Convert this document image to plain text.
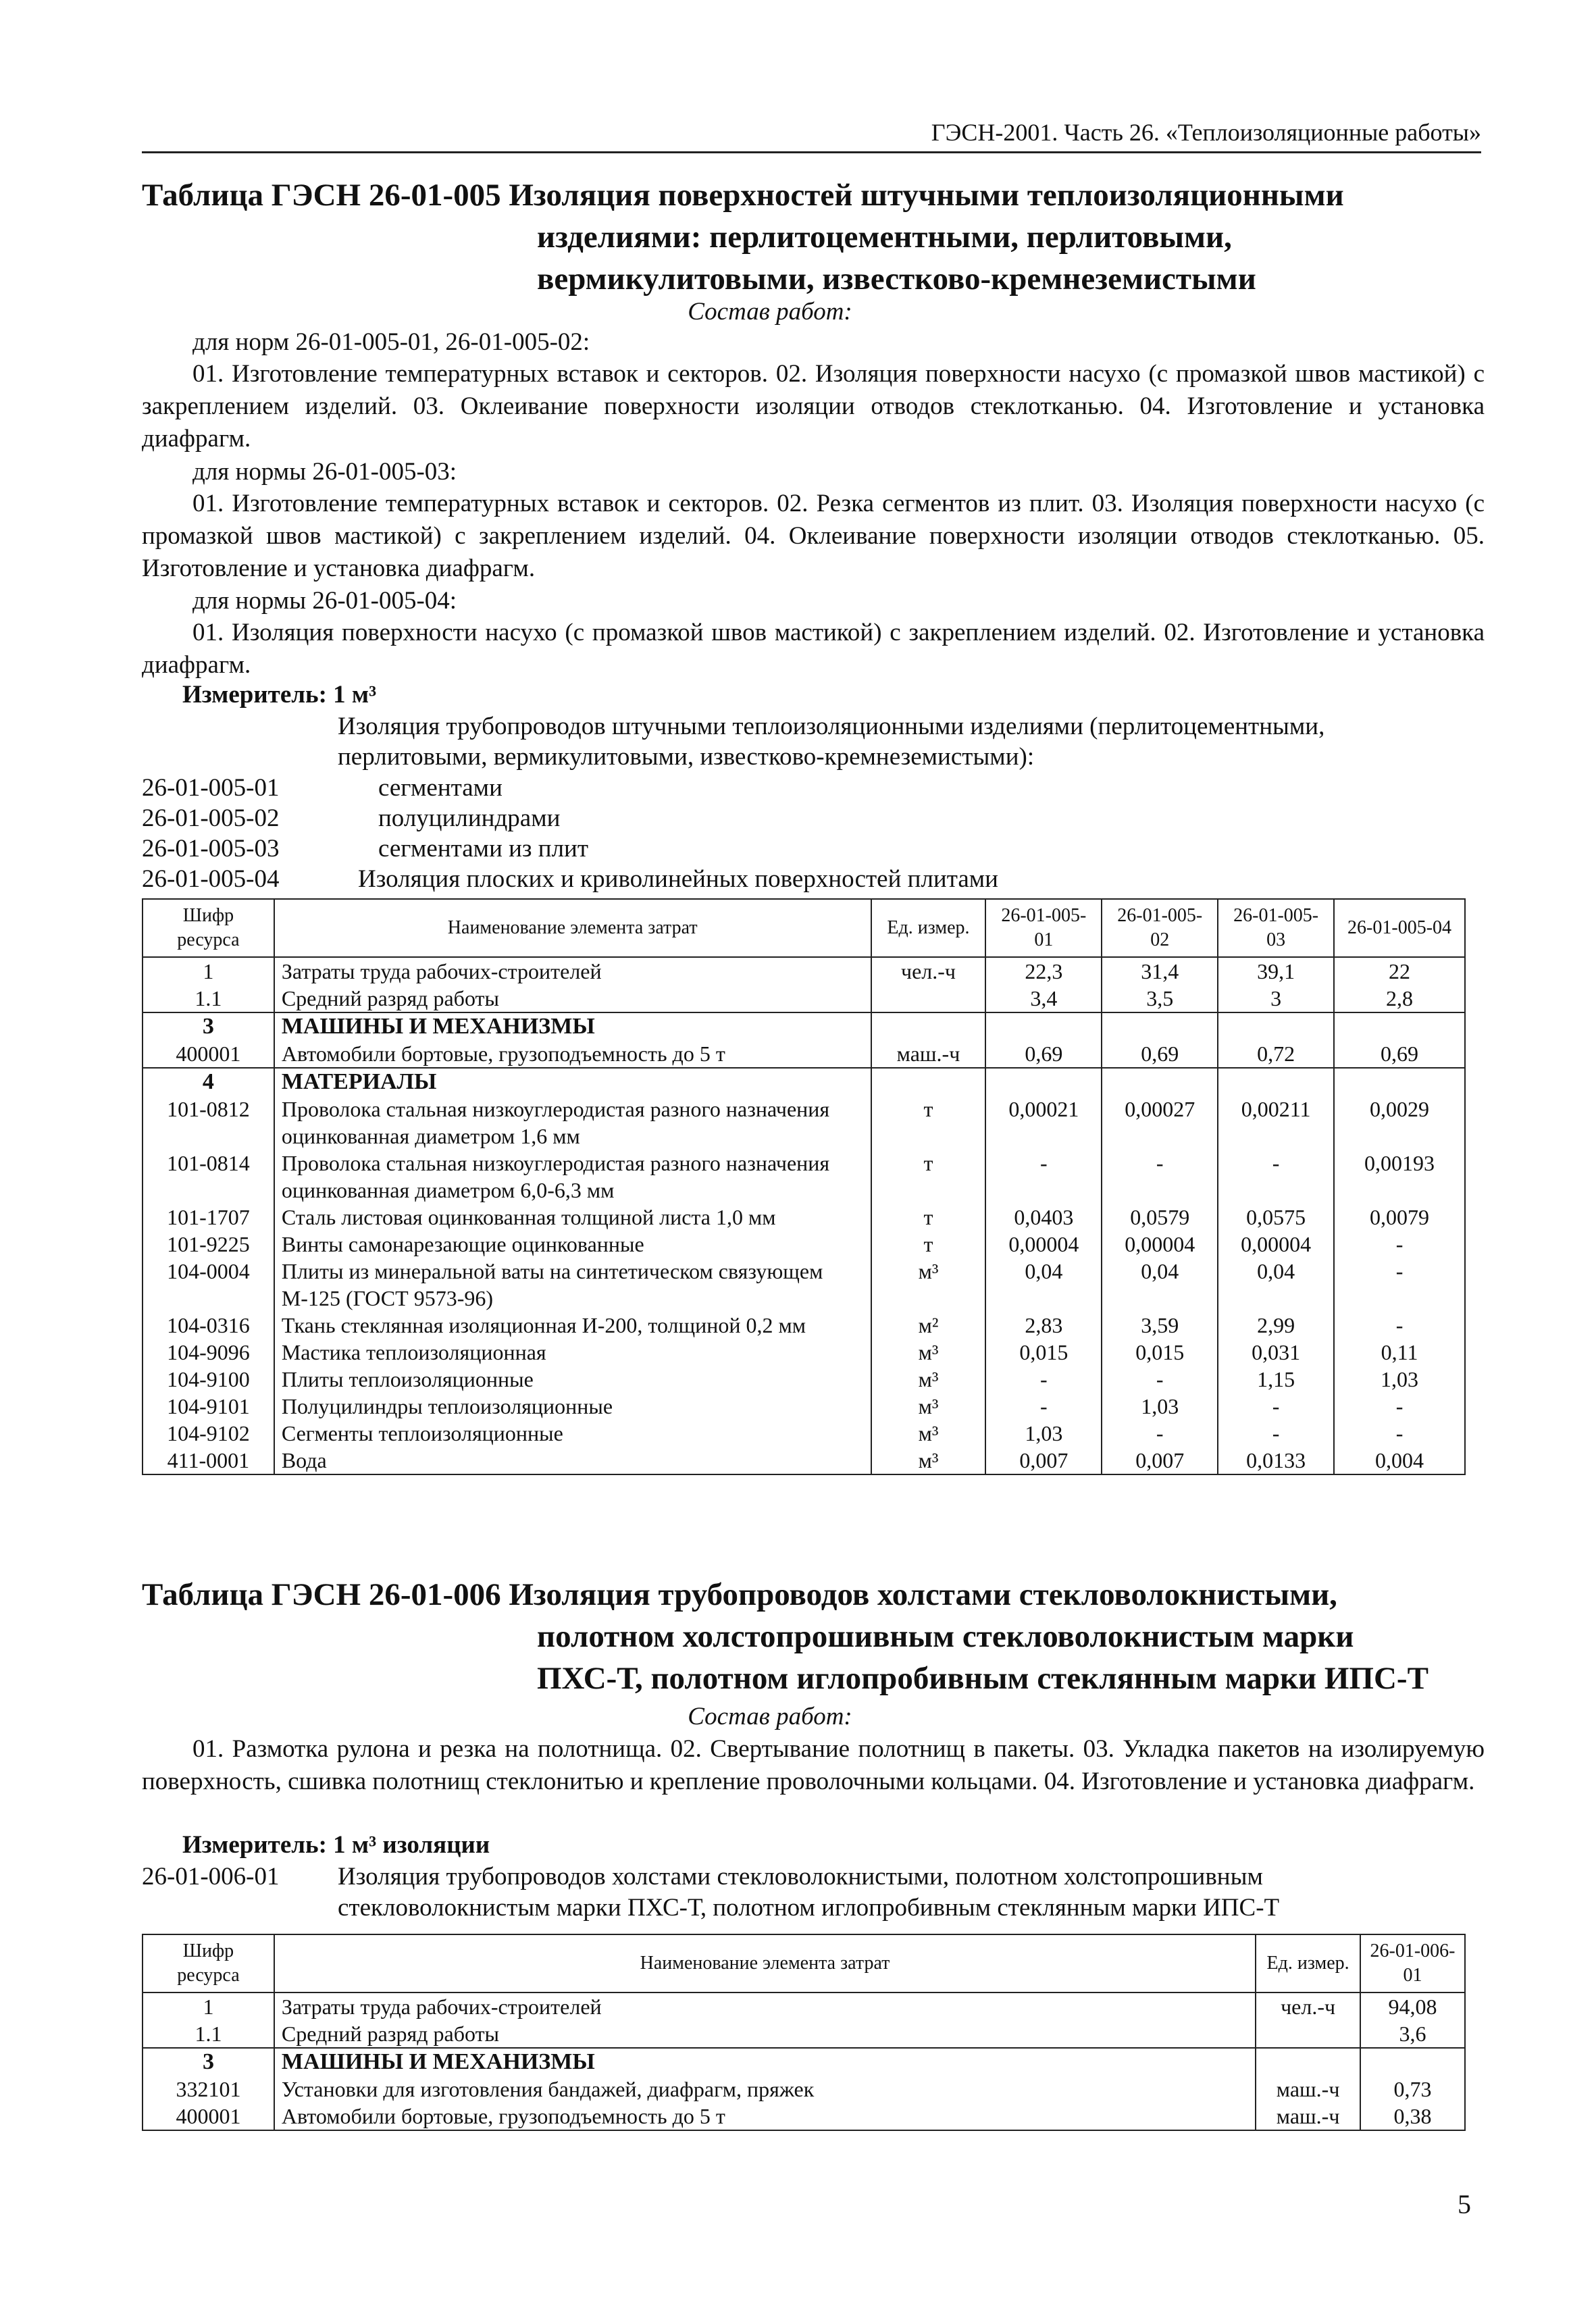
ГЭСН-2001. Часть 26. «Теплоизоляционные работы»
Таблица ГЭСН 26-01-005 Изоляция поверхностей штучными теплоизоляционными
изделиями: перлитоцементными, перлитовыми,
вермикулитовыми, известково-кремнеземистыми
Состав работ:
для норм 26-01-005-01, 26-01-005-02:
01. Изготовление температурных вставок и секторов. 02. Изоляция поверхности насухо (с промазкой швов мастикой) с закреплением изделий. 03. Оклеивание поверхности изоляции отводов стеклотканью. 04. Изготовление и установка диафрагм.
для нормы 26-01-005-03:
01. Изготовление температурных вставок и секторов. 02. Резка сегментов из плит. 03. Изоляция поверхности насухо (с промазкой швов мастикой) с закреплением изделий. 04. Оклеивание поверхности изоляции отводов стеклотканью. 05. Изготовление и установка диафрагм.
для нормы 26-01-005-04:
01. Изоляция поверхности насухо (с промазкой швов мастикой) с закреплением изделий. 02. Изготовление и установка диафрагм.
Измеритель: 1 м³
Изоляция трубопроводов штучными теплоизоляционными изделиями (перлитоцементными,
перлитовыми, вермикулитовыми, известково-кремнеземистыми):
26-01-005-01	сегментами
26-01-005-02	полуцилиндрами
26-01-005-03	сегментами из плит
26-01-005-04	Изоляция плоских и криволинейных поверхностей плитами
Шифр ресурса	Наименование элемента затрат	Ед. измер.	26-01-005-01	26-01-005-02	26-01-005-03	26-01-005-04
1	Затраты труда рабочих-строителей	чел.-ч	22,3	31,4	39,1	22
1.1	Средний разряд работы		3,4	3,5	3	2,8
3	МАШИНЫ И МЕХАНИЗМЫ					
400001	Автомобили бортовые, грузоподъемность до 5 т	маш.-ч	0,69	0,69	0,72	0,69
4	МАТЕРИАЛЫ					
101-0812	Проволока стальная низкоуглеродистая разного назначения оцинкованная диаметром 1,6 мм	т	0,00021	0,00027	0,00211	0,0029
101-0814	Проволока стальная низкоуглеродистая разного назначения оцинкованная диаметром 6,0-6,3 мм	т	-	-	-	0,00193
101-1707	Сталь листовая оцинкованная толщиной листа 1,0 мм	т	0,0403	0,0579	0,0575	0,0079
101-9225	Винты самонарезающие оцинкованные	т	0,00004	0,00004	0,00004	-
104-0004	Плиты из минеральной ваты на синтетическом связующем М-125 (ГОСТ 9573-96)	м³	0,04	0,04	0,04	-
104-0316	Ткань стеклянная изоляционная И-200, толщиной 0,2 мм	м²	2,83	3,59	2,99	-
104-9096	Мастика теплоизоляционная	м³	0,015	0,015	0,031	0,11
104-9100	Плиты теплоизоляционные	м³	-	-	1,15	1,03
104-9101	Полуцилиндры теплоизоляционные	м³	-	1,03	-	-
104-9102	Сегменты теплоизоляционные	м³	1,03	-	-	-
411-0001	Вода	м³	0,007	0,007	0,0133	0,004
Таблица ГЭСН 26-01-006 Изоляция трубопроводов холстами стекловолокнистыми,
полотном холстопрошивным стекловолокнистым марки
ПХС-Т, полотном иглопробивным стеклянным марки ИПС-Т
Состав работ:
01. Размотка рулона и резка на полотнища. 02. Свертывание полотнищ в пакеты. 03. Укладка пакетов на изолируемую поверхность, сшивка полотнищ стеклонитью и крепление проволочными кольцами. 04. Изготовление и установка диафрагм.
Измеритель: 1 м³ изоляции
26-01-006-01	Изоляция трубопроводов холстами стекловолокнистыми, полотном холстопрошивным
стекловолокнистым марки ПХС-Т, полотном иглопробивным стеклянным марки ИПС-Т
Шифр ресурса	Наименование элемента затрат	Ед. измер.	26-01-006-01
1	Затраты труда рабочих-строителей	чел.-ч	94,08
1.1	Средний разряд работы		3,6
3	МАШИНЫ И МЕХАНИЗМЫ		
332101	Установки для изготовления бандажей, диафрагм, пряжек	маш.-ч	0,73
400001	Автомобили бортовые, грузоподъемность до 5 т	маш.-ч	0,38
5
